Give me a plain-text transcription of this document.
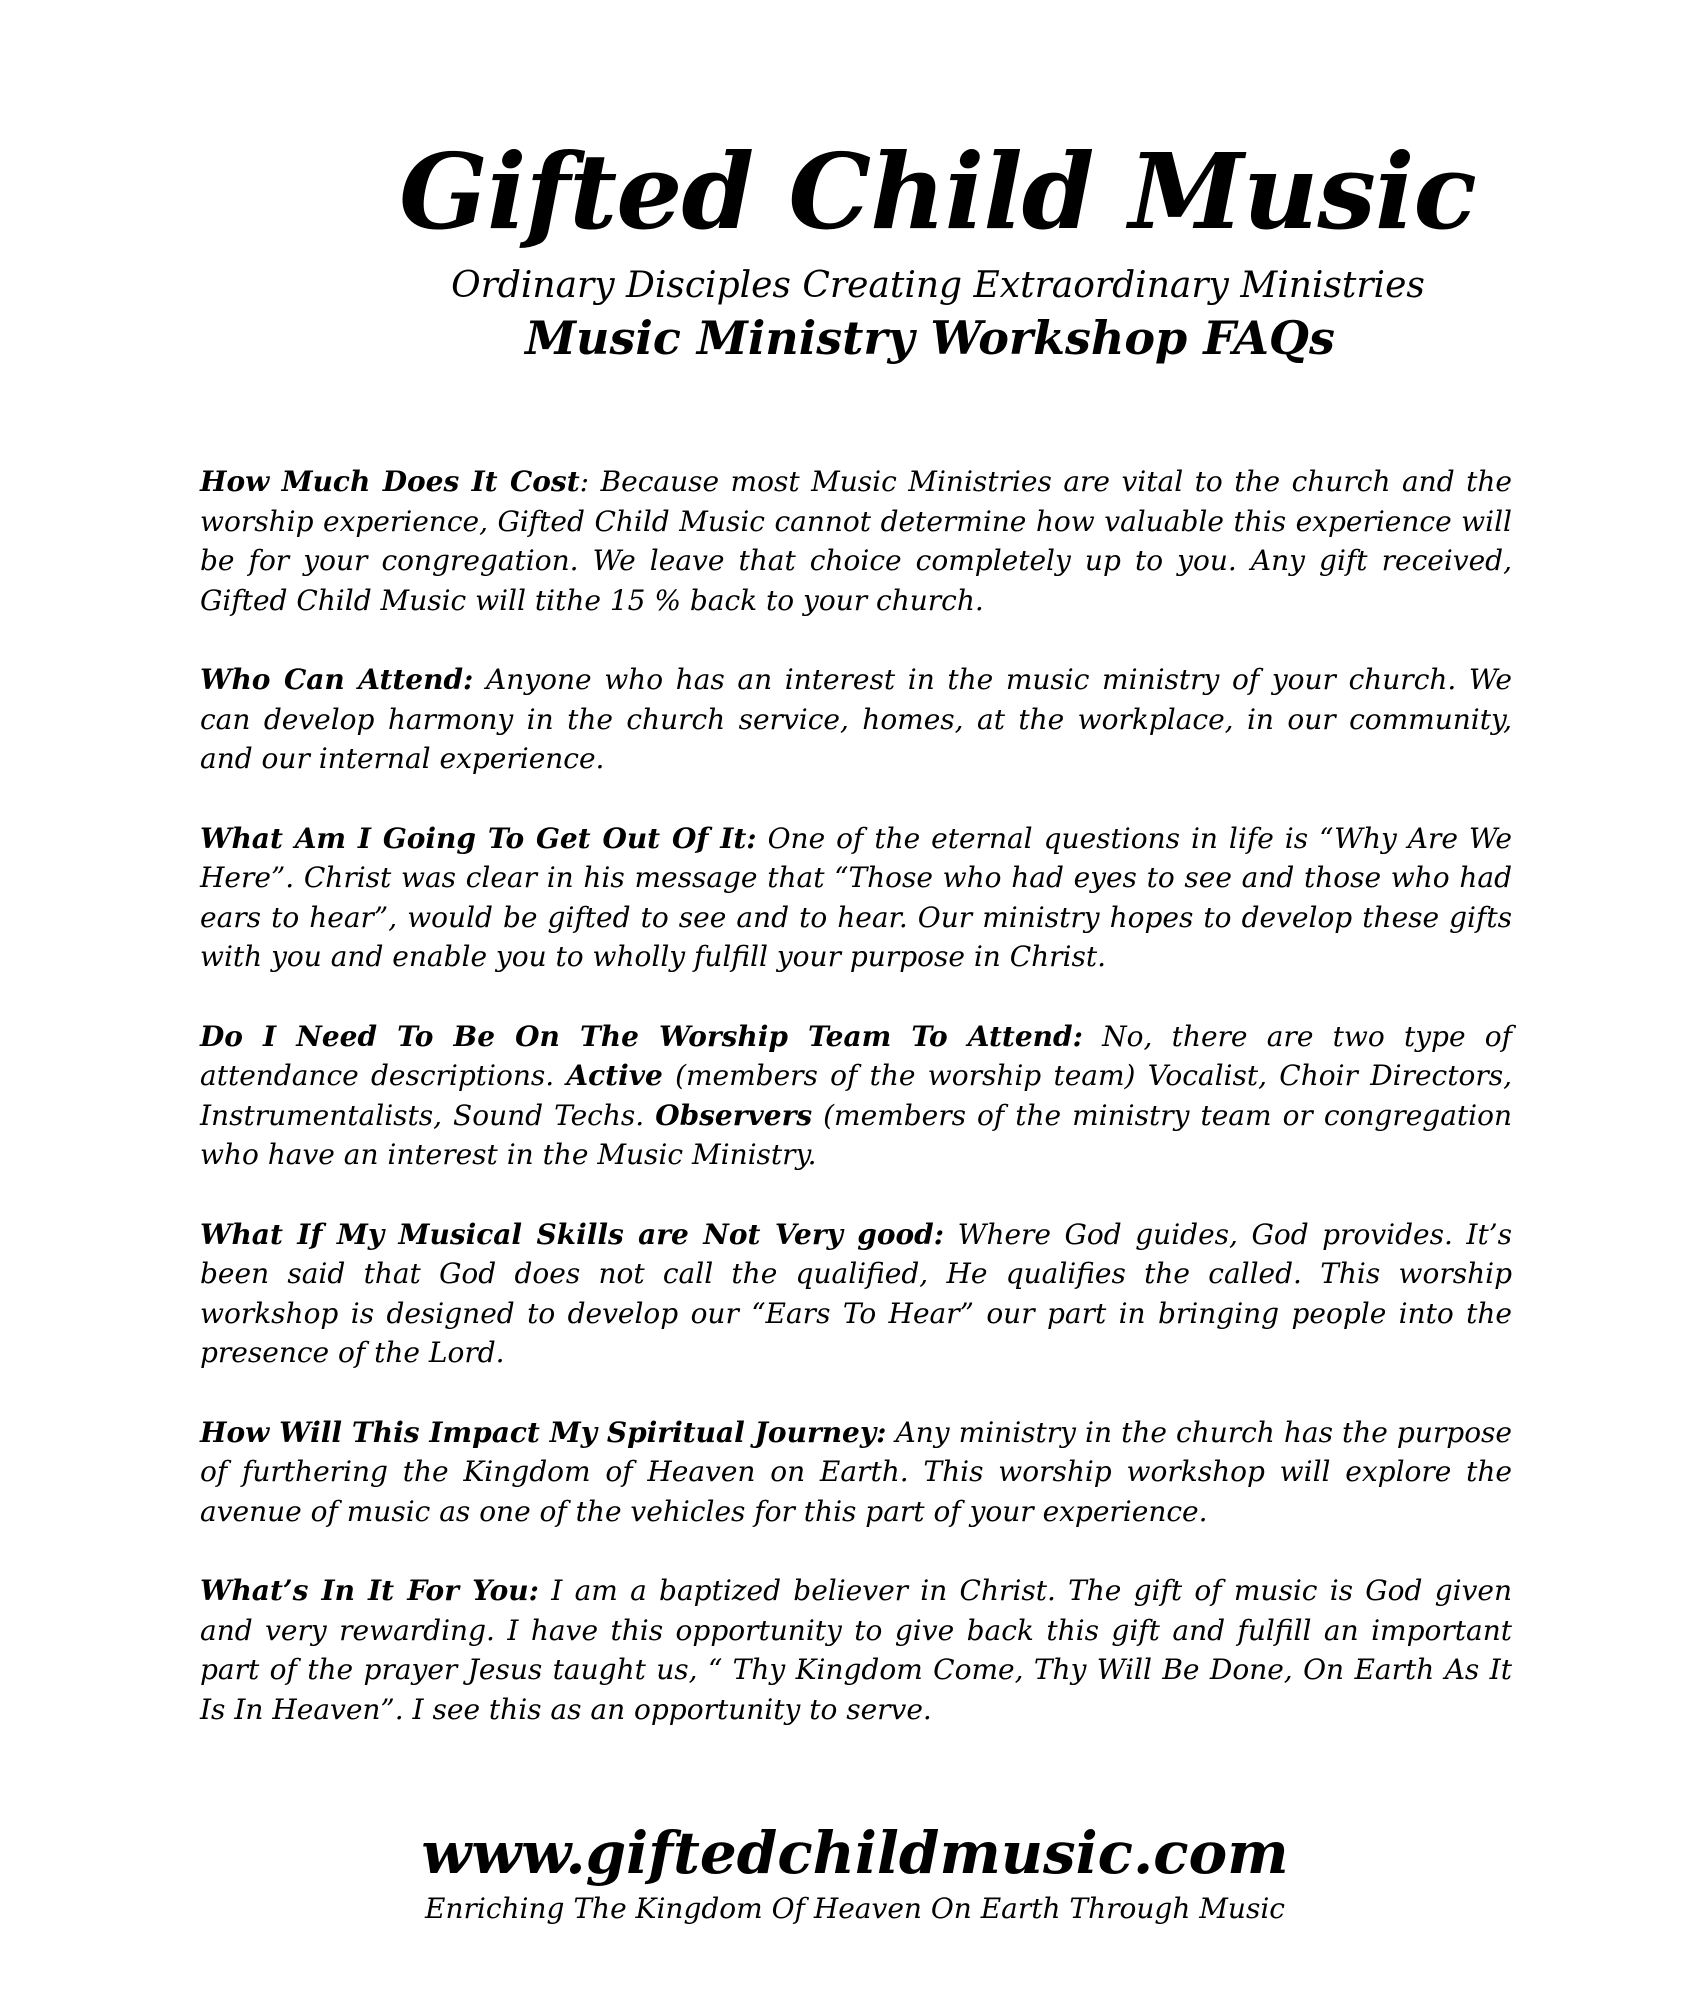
Gifted Child Music
Ordinary Disciples Creating Extraordinary Ministries
Music Ministry Workshop FAQs

How Much Does It Cost: Because most Music Ministries are vital to the church and the worship experience, Gifted Child Music cannot determine how valuable this experience will be for your congregation. We leave that choice completely up to you. Any gift received, Gifted Child Music will tithe 15 % back to your church.

Who Can Attend: Anyone who has an interest in the music ministry of your church. We can develop harmony in the church service, homes, at the workplace, in our community, and our internal experience.

What Am I Going To Get Out Of It: One of the eternal questions in life is “Why Are We Here”. Christ was clear in his message that “Those who had eyes to see and those who had ears to hear”, would be gifted to see and to hear. Our ministry hopes to develop these gifts with you and enable you to wholly fulfill your purpose in Christ.

Do I Need To Be On The Worship Team To Attend: No, there are two type of attendance descriptions. Active (members of the worship team) Vocalist, Choir Directors, Instrumentalists, Sound Techs. Observers (members of the ministry team or congregation who have an interest in the Music Ministry.

What If My Musical Skills are Not Very good: Where God guides, God provides. It’s been said that God does not call the qualified, He qualifies the called. This worship workshop is designed to develop our “Ears To Hear” our part in bringing people into the presence of the Lord.

How Will This Impact My Spiritual Journey: Any ministry in the church has the purpose of furthering the Kingdom of Heaven on Earth. This worship workshop will explore the avenue of music as one of the vehicles for this part of your experience.

What’s In It For You: I am a baptized believer in Christ. The gift of music is God given and very rewarding. I have this opportunity to give back this gift and fulfill an important part of the prayer Jesus taught us, “ Thy Kingdom Come, Thy Will Be Done, On Earth As It Is In Heaven”. I see this as an opportunity to serve.

www.giftedchildmusic.com
Enriching The Kingdom Of Heaven On Earth Through Music
